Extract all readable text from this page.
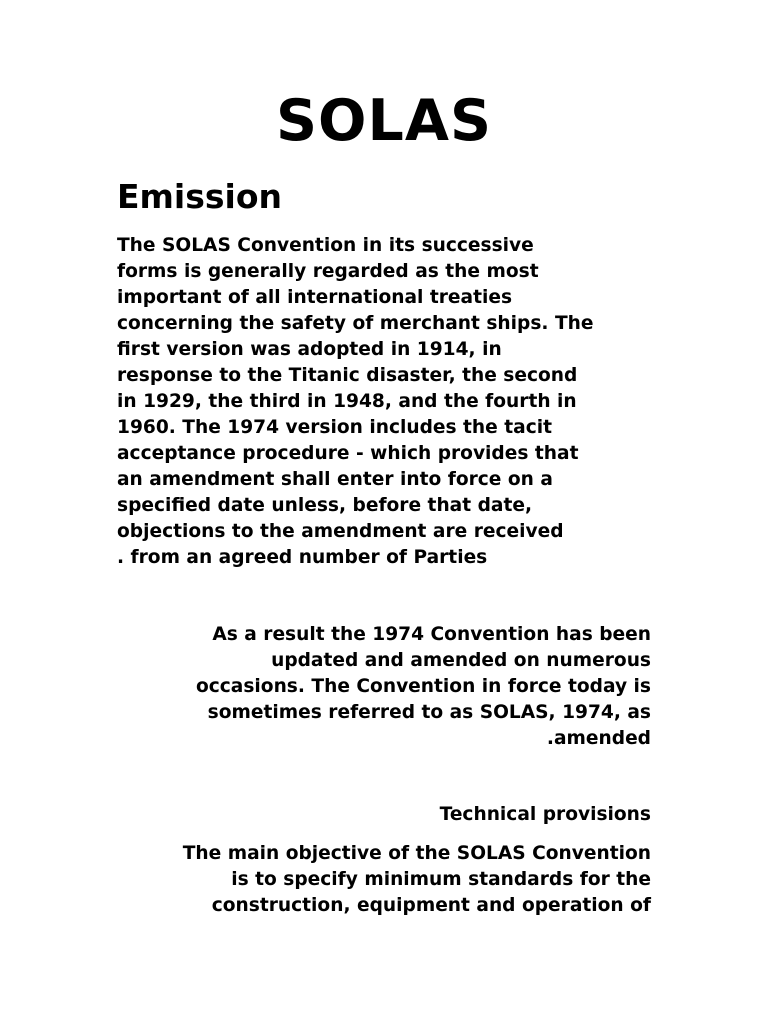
SOLAS
Emission

The SOLAS Convention in its successive
forms is generally regarded as the most
important of all international treaties
concerning the safety of merchant ships. The
first version was adopted in 1914, in
response to the Titanic disaster, the second
in 1929, the third in 1948, and the fourth in
1960. The 1974 version includes the tacit
acceptance procedure - which provides that
an amendment shall enter into force on a
specified date unless, before that date,
objections to the amendment are received
. from an agreed number of Parties

As a result the 1974 Convention has been
updated and amended on numerous
occasions. The Convention in force today is
sometimes referred to as SOLAS, 1974, as
.amended

Technical provisions

The main objective of the SOLAS Convention
is to specify minimum standards for the
construction, equipment and operation of
